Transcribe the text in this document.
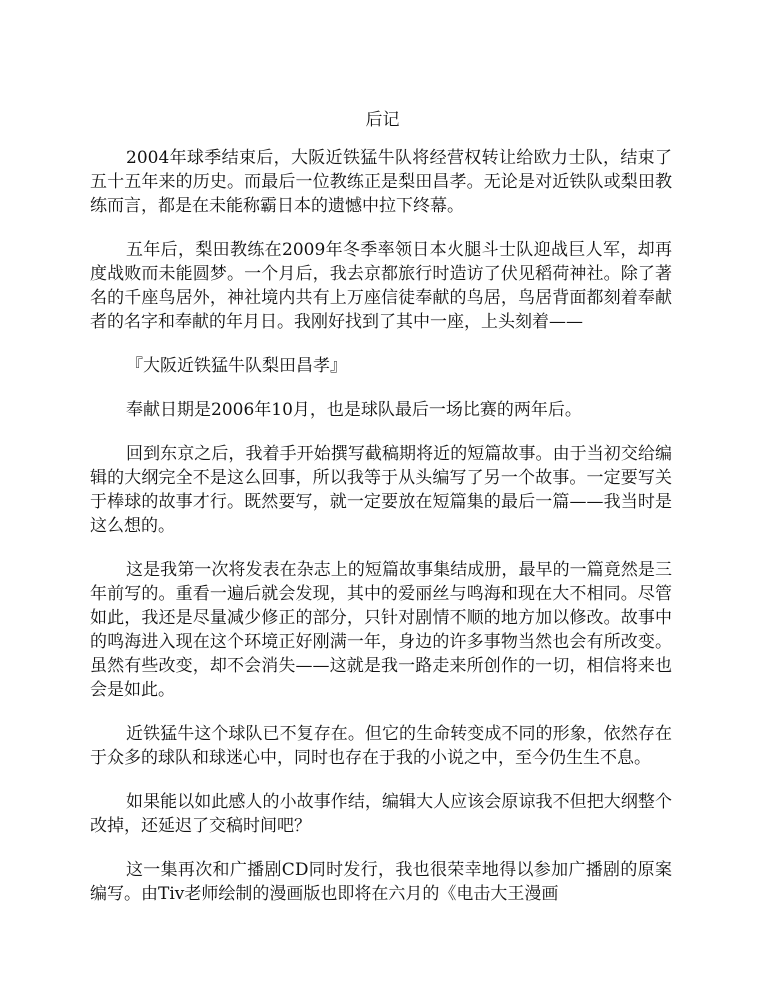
后记

2004年球季结束后，大阪近铁猛牛队将经营权转让给欧力士队，结束了五十五年来的历史。而最后一位教练正是梨田昌孝。无论是对近铁队或梨田教练而言，都是在未能称霸日本的遗憾中拉下终幕。

五年后，梨田教练在2009年冬季率领日本火腿斗士队迎战巨人军，却再度战败而未能圆梦。一个月后，我去京都旅行时造访了伏见稻荷神社。除了著名的千座鸟居外，神社境内共有上万座信徒奉献的鸟居，鸟居背面都刻着奉献者的名字和奉献的年月日。我刚好找到了其中一座，上头刻着——

『大阪近铁猛牛队梨田昌孝』

奉献日期是2006年10月，也是球队最后一场比赛的两年后。

回到东京之后，我着手开始撰写截稿期将近的短篇故事。由于当初交给编辑的大纲完全不是这么回事，所以我等于从头编写了另一个故事。一定要写关于棒球的故事才行。既然要写，就一定要放在短篇集的最后一篇——我当时是这么想的。

这是我第一次将发表在杂志上的短篇故事集结成册，最早的一篇竟然是三年前写的。重看一遍后就会发现，其中的爱丽丝与鸣海和现在大不相同。尽管如此，我还是尽量减少修正的部分，只针对剧情不顺的地方加以修改。故事中的鸣海进入现在这个环境正好刚满一年，身边的许多事物当然也会有所改变。虽然有些改变，却不会消失——这就是我一路走来所创作的一切，相信将来也会是如此。

近铁猛牛这个球队已不复存在。但它的生命转变成不同的形象，依然存在于众多的球队和球迷心中，同时也存在于我的小说之中，至今仍生生不息。

如果能以如此感人的小故事作结，编辑大人应该会原谅我不但把大纲整个改掉，还延迟了交稿时间吧？

这一集再次和广播剧CD同时发行，我也很荣幸地得以参加广播剧的原案编写。由Tiv老师绘制的漫画版也即将在六月的《电击大王漫画
